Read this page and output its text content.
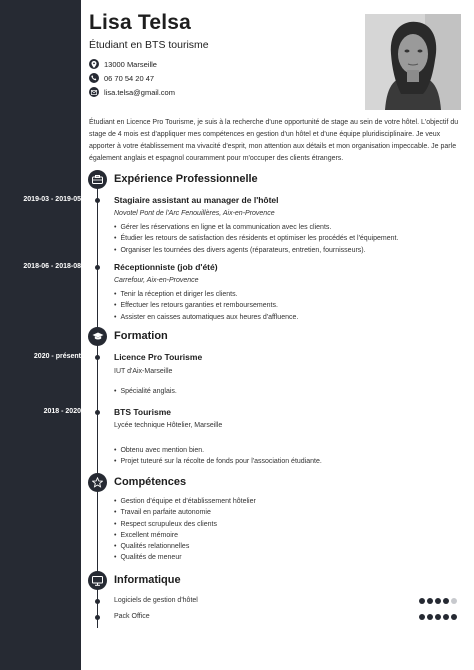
2019-03 - 2019-05
2018-06 - 2018-08
2020 - présent
2018 - 2020
Lisa Telsa
Étudiant en BTS tourisme
13000 Marseille
06 70 54 20 47
lisa.telsa@gmail.com

Étudiant en Licence Pro Tourisme, je suis à la recherche d'une opportunité de stage au sein de votre hôtel. L'objectif du stage de 4 mois est d'appliquer mes compétences en gestion d'un hôtel et d'une équipe pluridisciplinaire. Je veux apporter à votre établissement ma vivacité d'esprit, mon attention aux détails et mon organisation impeccable. Je parle également anglais et espagnol couramment pour m'occuper des clients étrangers.

Expérience Professionnelle
Stagiaire assistant au manager de l'hôtel
Novotel Pont de l'Arc Fenouillères, Aix-en-Provence
• Gérer les réservations en ligne et la communication avec les clients.
• Étudier les retours de satisfaction des résidents et optimiser les procédés et l'équipement.
• Organiser les tournées des divers agents (réparateurs, entretien, fournisseurs).
Réceptionniste (job d'été)
Carrefour, Aix-en-Provence
• Tenir la réception et diriger les clients.
• Effectuer les retours garanties et remboursements.
• Assister en caisses automatiques aux heures d'affluence.
Formation
Licence Pro Tourisme
IUT d'Aix-Marseille
• Spécialité anglais.
BTS Tourisme
Lycée technique Hôtelier, Marseille
• Obtenu avec mention bien.
• Projet tuteuré sur la récolte de fonds pour l'association étudiante.
Compétences
• Gestion d'équipe et d'établissement hôtelier
• Travail en parfaite autonomie
• Respect scrupuleux des clients
• Excellent mémoire
• Qualités relationnelles
• Qualités de meneur
Informatique
Logiciels de gestion d'hôtel
Pack Office
